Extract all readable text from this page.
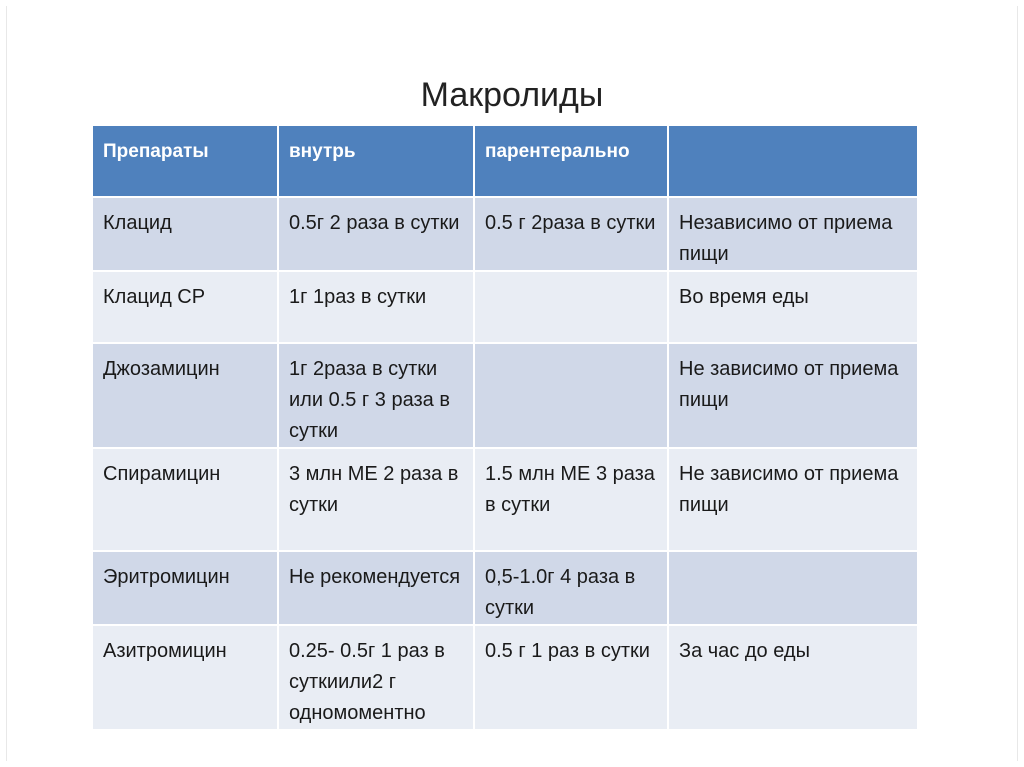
Макролиды
Препараты	внутрь	парентерально	
Клацид	0.5г 2 раза в сутки	0.5 г 2раза в сутки	Независимо от приема пищи
Клацид СР	1г 1раз в сутки		Во время еды
Джозамицин	1г 2раза в сутки или 0.5 г 3 раза в сутки		Не зависимо от приема пищи
Спирамицин	3 млн МЕ 2 раза в сутки	1.5 млн МЕ 3 раза в сутки	Не зависимо от приема пищи
Эритромицин	Не рекомендуется	0,5-1.0г 4 раза в сутки	
Азитромицин	0.25- 0.5г 1 раз в суткиили2 г одномоментно	0.5 г 1 раз в сутки	За час до еды
